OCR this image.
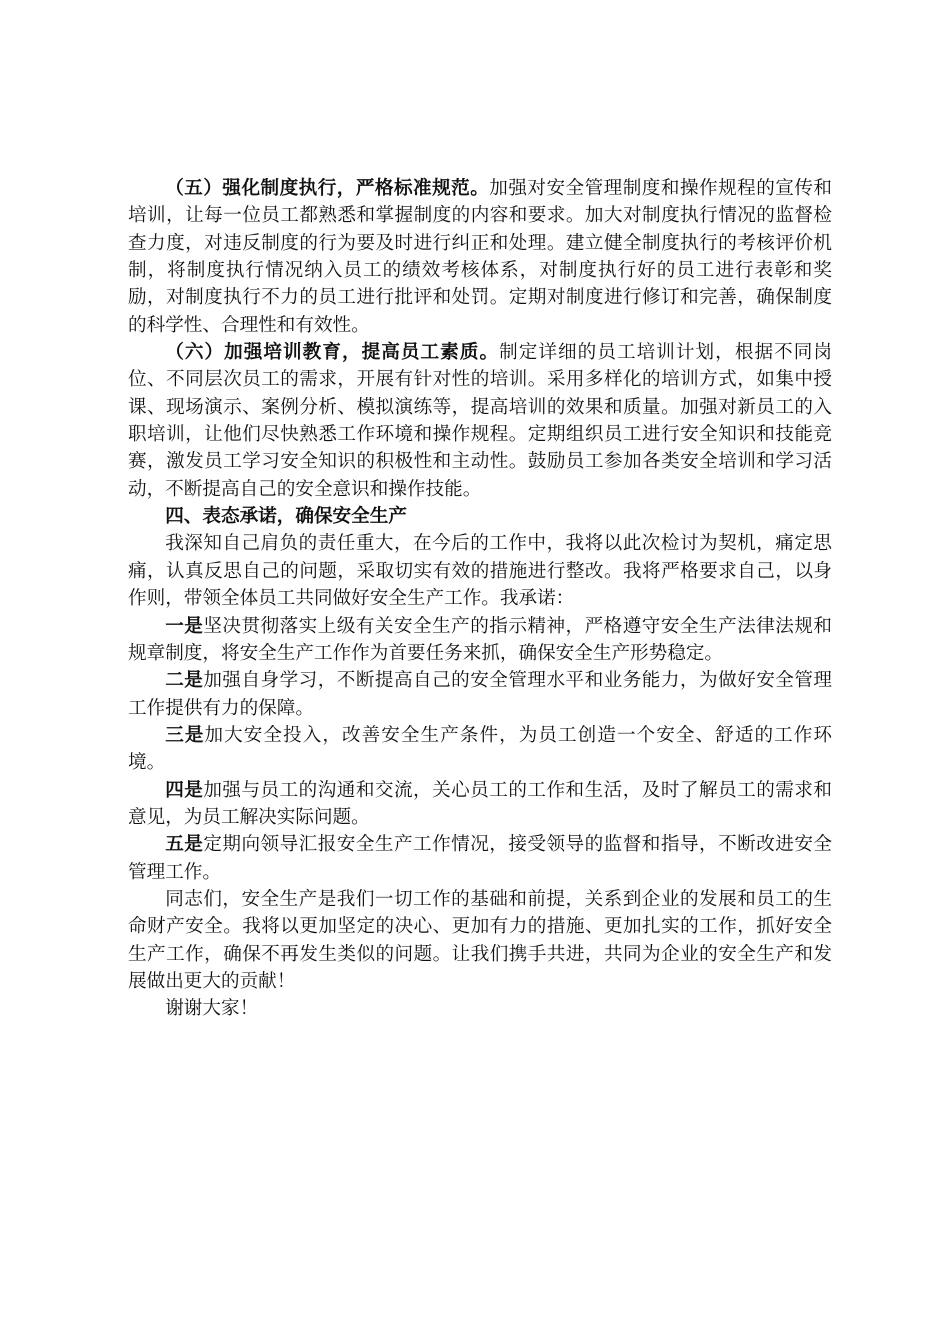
（五）强化制度执行，严格标准规范。加强对安全管理制度和操作规程的宣传和培训，让每一位员工都熟悉和掌握制度的内容和要求。加大对制度执行情况的监督检查力度，对违反制度的行为要及时进行纠正和处理。建立健全制度执行的考核评价机制，将制度执行情况纳入员工的绩效考核体系，对制度执行好的员工进行表彰和奖励，对制度执行不力的员工进行批评和处罚。定期对制度进行修订和完善，确保制度的科学性、合理性和有效性。

（六）加强培训教育，提高员工素质。制定详细的员工培训计划，根据不同岗位、不同层次员工的需求，开展有针对性的培训。采用多样化的培训方式，如集中授课、现场演示、案例分析、模拟演练等，提高培训的效果和质量。加强对新员工的入职培训，让他们尽快熟悉工作环境和操作规程。定期组织员工进行安全知识和技能竞赛，激发员工学习安全知识的积极性和主动性。鼓励员工参加各类安全培训和学习活动，不断提高自己的安全意识和操作技能。

四、表态承诺，确保安全生产

我深知自己肩负的责任重大，在今后的工作中，我将以此次检讨为契机，痛定思痛，认真反思自己的问题，采取切实有效的措施进行整改。我将严格要求自己，以身作则，带领全体员工共同做好安全生产工作。我承诺：

一是坚决贯彻落实上级有关安全生产的指示精神，严格遵守安全生产法律法规和规章制度，将安全生产工作作为首要任务来抓，确保安全生产形势稳定。

二是加强自身学习，不断提高自己的安全管理水平和业务能力，为做好安全管理工作提供有力的保障。

三是加大安全投入，改善安全生产条件，为员工创造一个安全、舒适的工作环境。

四是加强与员工的沟通和交流，关心员工的工作和生活，及时了解员工的需求和意见，为员工解决实际问题。

五是定期向领导汇报安全生产工作情况，接受领导的监督和指导，不断改进安全管理工作。

同志们，安全生产是我们一切工作的基础和前提，关系到企业的发展和员工的生命财产安全。我将以更加坚定的决心、更加有力的措施、更加扎实的工作，抓好安全生产工作，确保不再发生类似的问题。让我们携手共进，共同为企业的安全生产和发展做出更大的贡献！

谢谢大家！
